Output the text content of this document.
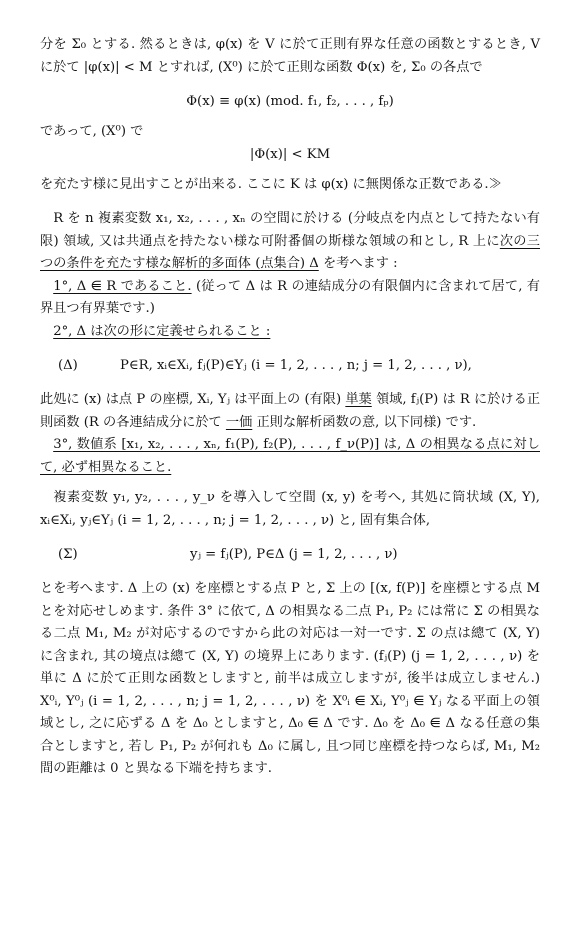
分を Σ₀ とする. 然るときは, φ(x) を V に於て正則有界な任意の函数とするとき, V に於て |φ(x)| < M とすれば, (X⁰) に於て正則な函数 Φ(x) を, Σ₀ の各点で

Φ(x) ≡ φ(x) (mod. f₁, f₂, . . . , fₚ)

であって, (X⁰) で

|Φ(x)| < KM

を充たす様に見出すことが出来る. ここに K は φ(x) に無関係な正数である.≫

R を n 複素変数 x₁, x₂, . . . , xₙ の空間に於ける (分岐点を内点として持たない有限) 領域, 又は共通点を持たない様な可附番個の斯様な領域の和とし, R 上に次の三つの条件を充たす様な解析的多面体 (点集合) Δ を考へます :

1°, Δ ⋹ R であること. (従って Δ は R の連結成分の有限個内に含まれて居て, 有界且つ有界葉です.)

2°, Δ は次の形に定義せられること :

(Δ)	P∈R, xᵢ∈Xᵢ, fⱼ(P)∈Yⱼ (i = 1, 2, . . . , n; j = 1, 2, . . . , ν),

此処に (x) は点 P の座標, Xᵢ, Yⱼ は平面上の (有限) 単葉 領域, fⱼ(P) は R に於ける正則函数 (R の各連結成分に於て 一価 正則な解析函数の意, 以下同様) です.

3°, 数値系 [x₁, x₂, . . . , xₙ, f₁(P), f₂(P), . . . , f_ν(P)] は, Δ の相異なる点に対して, 必ず相異なること.

複素変数 y₁, y₂, . . . , y_ν を導入して空間 (x, y) を考へ, 其処に筒状域 (X, Y), xᵢ∈Xᵢ, yⱼ∈Yⱼ (i = 1, 2, . . . , n; j = 1, 2, . . . , ν) と, 固有集合体,

(Σ)	yⱼ = fⱼ(P), P∈Δ (j = 1, 2, . . . , ν)

とを考へます. Δ 上の (x) を座標とする点 P と, Σ 上の [(x, f(P)] を座標とする点 M とを対応せしめます. 条件 3° に依て, Δ の相異なる二点 P₁, P₂ には常に Σ の相異なる二点 M₁, M₂ が対応するのですから此の対応は一対一です. Σ の点は總て (X, Y) に含まれ, 其の境点は總て (X, Y) の境界上にあります. (fⱼ(P) (j = 1, 2, . . . , ν) を単に Δ に於て正則な函数としますと, 前半は成立しますが, 後半は成立しません.) X⁰ᵢ, Y⁰ⱼ (i = 1, 2, . . . , n; j = 1, 2, . . . , ν) を X⁰ᵢ ⋹ Xᵢ, Y⁰ⱼ ⋹ Yⱼ なる平面上の領域とし, 之に応ずる Δ を Δ₀ としますと, Δ₀ ⋹ Δ です. Δ₀ を Δ₀ ⋹ Δ なる任意の集合としますと, 若し P₁, P₂ が何れも Δ₀ に属し, 且つ同じ座標を持つならば, M₁, M₂ 間の距離は 0 と異なる下端を持ちます.
